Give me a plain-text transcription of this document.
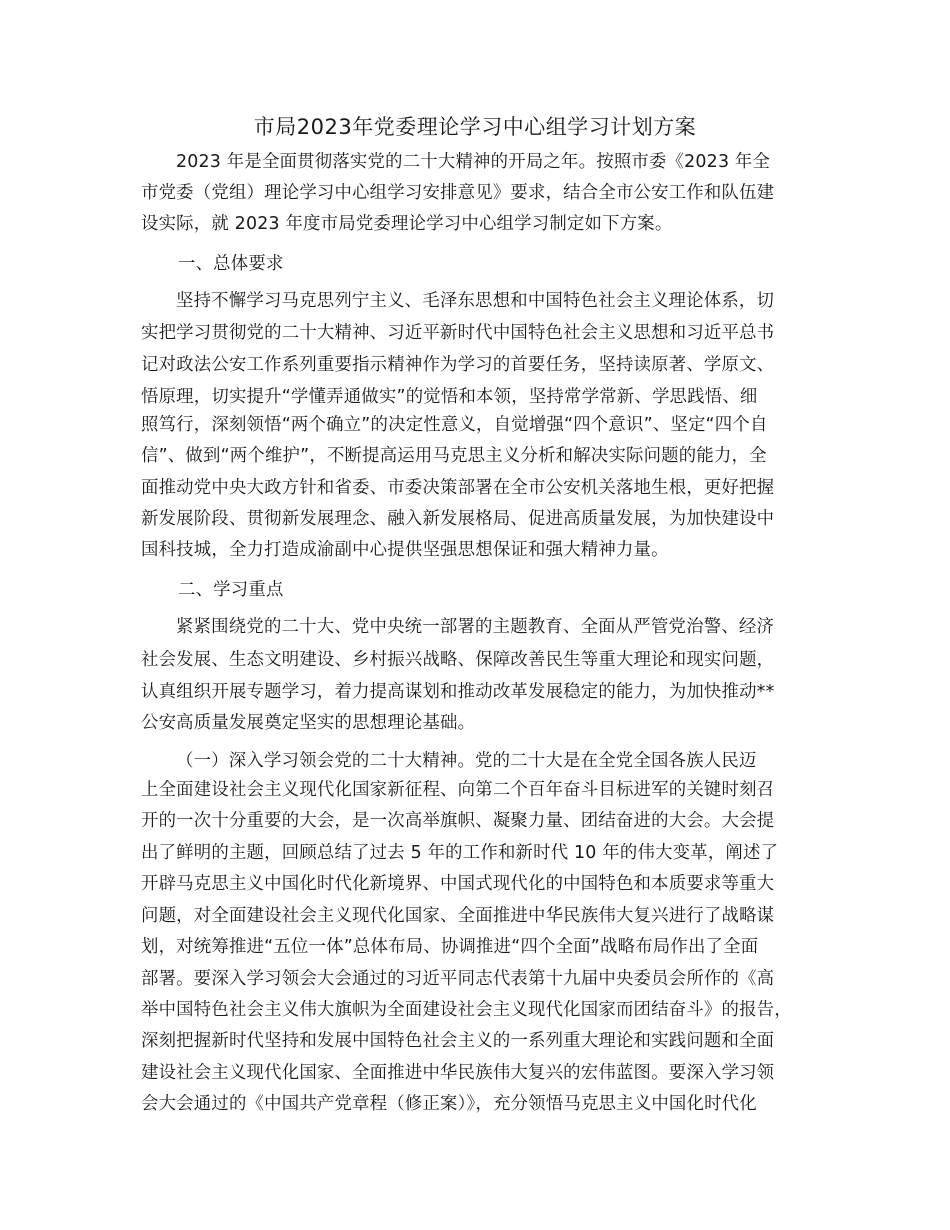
市局2023年党委理论学习中心组学习计划方案
2023 年是全面贯彻落实党的二十大精神的开局之年。按照市委《2023 年全
市党委（党组）理论学习中心组学习安排意见》要求，结合全市公安工作和队伍建
设实际，就 2023 年度市局党委理论学习中心组学习制定如下方案。
一、总体要求
坚持不懈学习马克思列宁主义、毛泽东思想和中国特色社会主义理论体系，切
实把学习贯彻党的二十大精神、习近平新时代中国特色社会主义思想和习近平总书
记对政法公安工作系列重要指示精神作为学习的首要任务，坚持读原著、学原文、
悟原理，切实提升“学懂弄通做实”的觉悟和本领，坚持常学常新、学思践悟、细
照笃行，深刻领悟“两个确立”的决定性意义，自觉增强“四个意识”、坚定“四个自
信”、做到“两个维护”，不断提高运用马克思主义分析和解决实际问题的能力，全
面推动党中央大政方针和省委、市委决策部署在全市公安机关落地生根，更好把握
新发展阶段、贯彻新发展理念、融入新发展格局、促进高质量发展，为加快建设中
国科技城，全力打造成渝副中心提供坚强思想保证和强大精神力量。
二、学习重点
紧紧围绕党的二十大、党中央统一部署的主题教育、全面从严管党治警、经济
社会发展、生态文明建设、乡村振兴战略、保障改善民生等重大理论和现实问题，
认真组织开展专题学习，着力提高谋划和推动改革发展稳定的能力，为加快推动**
公安高质量发展奠定坚实的思想理论基础。
（一）深入学习领会党的二十大精神。党的二十大是在全党全国各族人民迈
上全面建设社会主义现代化国家新征程、向第二个百年奋斗目标进军的关键时刻召
开的一次十分重要的大会，是一次高举旗帜、凝聚力量、团结奋进的大会。大会提
出了鲜明的主题，回顾总结了过去 5 年的工作和新时代 10 年的伟大变革，阐述了
开辟马克思主义中国化时代化新境界、中国式现代化的中国特色和本质要求等重大
问题，对全面建设社会主义现代化国家、全面推进中华民族伟大复兴进行了战略谋
划，对统筹推进“五位一体”总体布局、协调推进“四个全面”战略布局作出了全面
部署。要深入学习领会大会通过的习近平同志代表第十九届中央委员会所作的《高
举中国特色社会主义伟大旗帜为全面建设社会主义现代化国家而团结奋斗》的报告，
深刻把握新时代坚持和发展中国特色社会主义的一系列重大理论和实践问题和全面
建设社会主义现代化国家、全面推进中华民族伟大复兴的宏伟蓝图。要深入学习领
会大会通过的《中国共产党章程（修正案）》，充分领悟马克思主义中国化时代化
